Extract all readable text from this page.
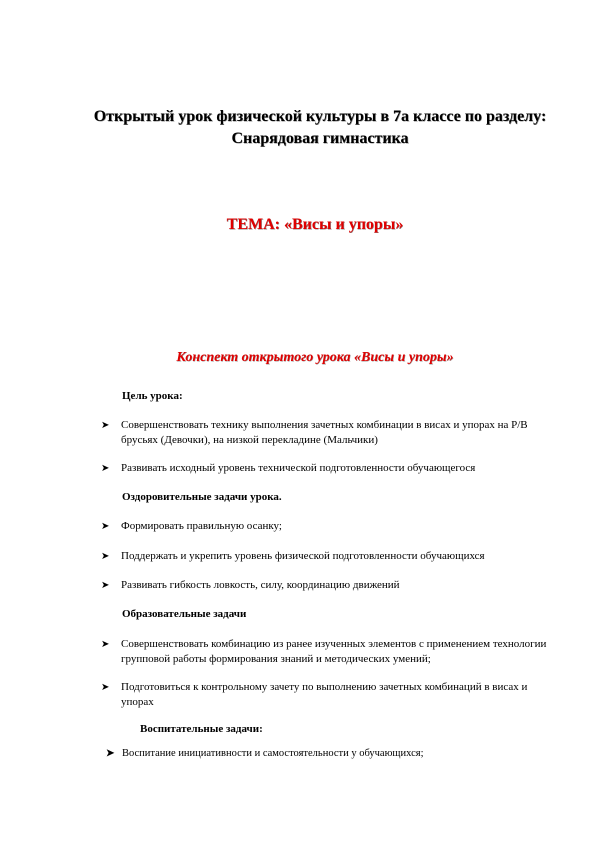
Открытый урок физической культуры в 7а классе по разделу: Снарядовая гимнастика
ТЕМА: «Висы и упоры»
Конспект открытого урока «Висы и упоры»
Цель урока:
➤	Совершенствовать технику выполнения зачетных комбинации в висах и упорах на Р/В брусьях (Девочки), на низкой перекладине (Мальчики)
➤	Развивать исходный уровень технической подготовленности обучающегося
Оздоровительные задачи урока.
➤	Формировать правильную осанку;
➤	Поддержать и укрепить уровень физической подготовленности обучающихся
➤	Развивать гибкость ловкость, силу, координацию движений
Образовательные задачи
➤	Совершенствовать комбинацию из ранее изученных элементов с применением технологии групповой работы формирования знаний и методических умений;
➤	Подготовиться к контрольному зачету по выполнению зачетных комбинаций в висах и упорах
Воспитательные задачи:
➤ Воспитание инициативности и самостоятельности у обучающихся;
